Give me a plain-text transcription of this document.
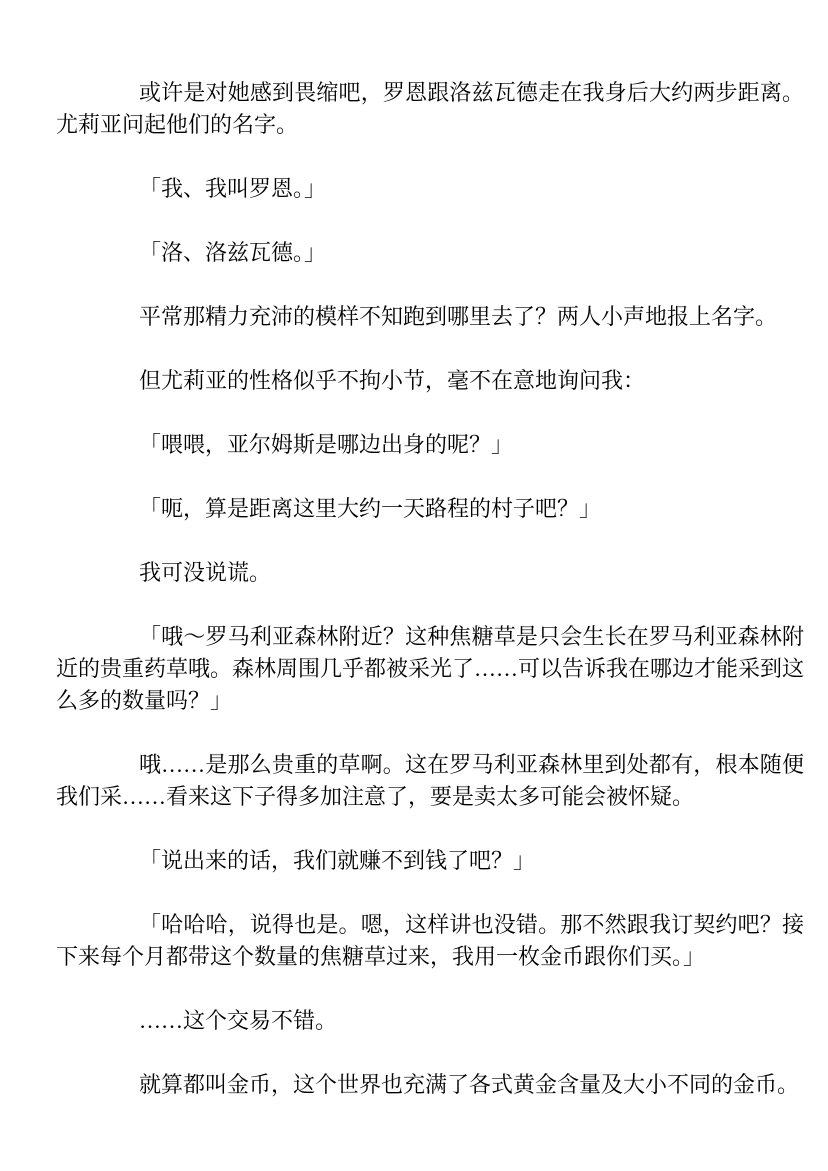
或许是对她感到畏缩吧，罗恩跟洛兹瓦德走在我身后大约两步距离。尤莉亚问起他们的名字。

「我、我叫罗恩。」

「洛、洛兹瓦德。」

平常那精力充沛的模样不知跑到哪里去了？两人小声地报上名字。

但尤莉亚的性格似乎不拘小节，毫不在意地询问我：

「喂喂，亚尔姆斯是哪边出身的呢？」

「呃，算是距离这里大约一天路程的村子吧？」

我可没说谎。

「哦～罗马利亚森林附近？这种焦糖草是只会生长在罗马利亚森林附近的贵重药草哦。森林周围几乎都被采光了……可以告诉我在哪边才能采到这么多的数量吗？」

哦……是那么贵重的草啊。这在罗马利亚森林里到处都有，根本随便我们采……看来这下子得多加注意了，要是卖太多可能会被怀疑。

「说出来的话，我们就赚不到钱了吧？」

「哈哈哈，说得也是。嗯，这样讲也没错。那不然跟我订契约吧？接下来每个月都带这个数量的焦糖草过来，我用一枚金币跟你们买。」

……这个交易不错。

就算都叫金币，这个世界也充满了各式黄金含量及大小不同的金币。
